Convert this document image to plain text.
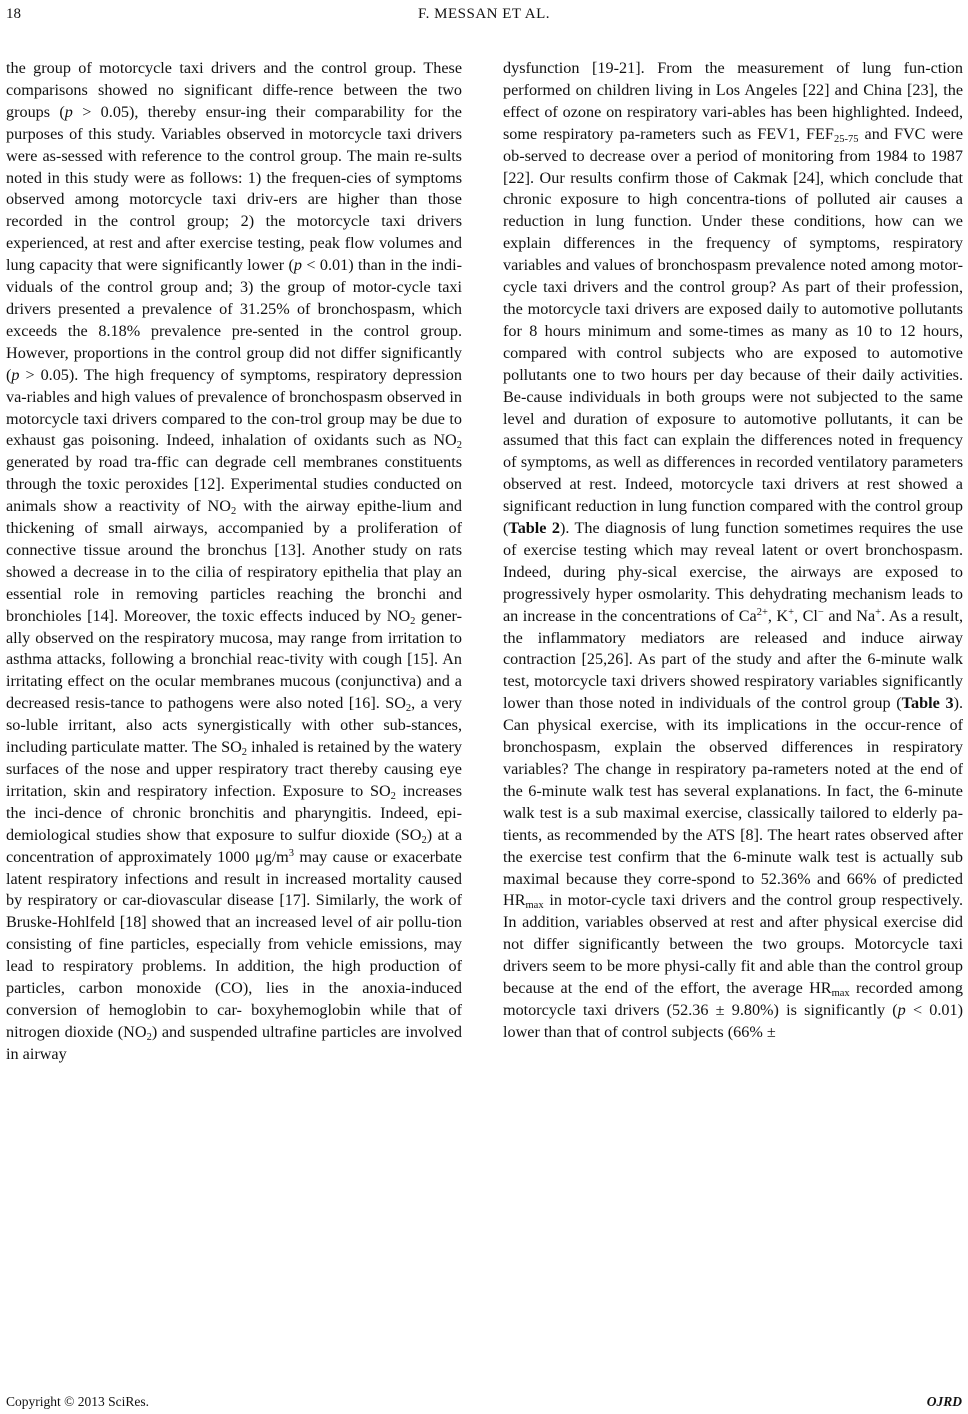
18	F. MESSAN ET AL.

the group of motorcycle taxi drivers and the control group. These comparisons showed no significant diffe-rence between the two groups (p > 0.05), thereby ensur-ing their comparability for the purposes of this study. Variables observed in motorcycle taxi drivers were as-sessed with reference to the control group. The main re-sults noted in this study were as follows: 1) the frequen-cies of symptoms observed among motorcycle taxi driv-ers are higher than those recorded in the control group; 2) the motorcycle taxi drivers experienced, at rest and after exercise testing, peak flow volumes and lung capacity that were significantly lower (p < 0.01) than in the indi-viduals of the control group and; 3) the group of motor-cycle taxi drivers presented a prevalence of 31.25% of bronchospasm, which exceeds the 8.18% prevalence pre-sented in the control group. However, proportions in the control group did not differ significantly (p > 0.05). The high frequency of symptoms, respiratory depression va-riables and high values of prevalence of bronchospasm observed in motorcycle taxi drivers compared to the con-trol group may be due to exhaust gas poisoning. Indeed, inhalation of oxidants such as $NO_2$ generated by road tra-ffic can degrade cell membranes constituents through the toxic peroxides [12]. Experimental studies conducted on animals show a reactivity of $NO_2$ with the airway epithe-lium and thickening of small airways, accompanied by a proliferation of connective tissue around the bronchus [13]. Another study on rats showed a decrease in to the cilia of respiratory epithelia that play an essential role in removing particles reaching the bronchi and bronchioles [14]. Moreover, the toxic effects induced by $NO_2$ gener-ally observed on the respiratory mucosa, may range from irritation to asthma attacks, following a bronchial reac-tivity with cough [15]. An irritating effect on the ocular membranes mucous (conjunctiva) and a decreased resis-tance to pathogens were also noted [16]. $SO_2$, a very so-luble irritant, also acts synergistically with other sub-stances, including particulate matter. The $SO_2$ inhaled is retained by the watery surfaces of the nose and upper respiratory tract thereby causing eye irritation, skin and respiratory infection. Exposure to $SO_2$ increases the inci-dence of chronic bronchitis and pharyngitis. Indeed, epi-demiological studies show that exposure to sulfur dioxide $(SO_2)$ at a concentration of approximately 1000 $\mu g/m^3$ may cause or exacerbate latent respiratory infections and result in increased mortality caused by respiratory or car-diovascular disease [17]. Similarly, the work of Bruske-Hohlfeld [18] showed that an increased level of air pollu-tion consisting of fine particles, especially from vehicle emissions, may lead to respiratory problems. In addition, the high production of particles, carbon monoxide (CO), lies in the anoxia-induced conversion of hemoglobin to car- boxyhemoglobin while that of nitrogen dioxide $(NO_2)$ and suspended ultrafine particles are involved in airway

dysfunction [19-21]. From the measurement of lung fun-ction performed on children living in Los Angeles [22] and China [23], the effect of ozone on respiratory vari-ables has been highlighted. Indeed, some respiratory pa-rameters such as FEV1, $FEF_{25-75}$ and FVC were ob-served to decrease over a period of monitoring from 1984 to 1987 [22]. Our results confirm those of Cakmak [24], which conclude that chronic exposure to high concentra-tions of polluted air causes a reduction in lung function. Under these conditions, how can we explain differences in the frequency of symptoms, respiratory variables and values of bronchospasm prevalence noted among motor-cycle taxi drivers and the control group? As part of their profession, the motorcycle taxi drivers are exposed daily to automotive pollutants for 8 hours minimum and some-times as many as 10 to 12 hours, compared with control subjects who are exposed to automotive pollutants one to two hours per day because of their daily activities. Be-cause individuals in both groups were not subjected to the same level and duration of exposure to automotive pollutants, it can be assumed that this fact can explain the differences noted in frequency of symptoms, as well as differences in recorded ventilatory parameters observed at rest. Indeed, motorcycle taxi drivers at rest showed a significant reduction in lung function compared with the control group (Table 2). The diagnosis of lung function sometimes requires the use of exercise testing which may reveal latent or overt bronchospasm. Indeed, during phy-sical exercise, the airways are exposed to progressively hyper osmolarity. This dehydrating mechanism leads to an increase in the concentrations of $Ca^{2+}$, K+, Cl− and Na+. As a result, the inflammatory mediators are released and induce airway contraction [25,26]. As part of the study and after the 6-minute walk test, motorcycle taxi drivers showed respiratory variables significantly lower than those noted in individuals of the control group (Table 3). Can physical exercise, with its implications in the occur-rence of bronchospasm, explain the observed differences in respiratory variables? The change in respiratory pa-rameters noted at the end of the 6-minute walk test has several explanations. In fact, the 6-minute walk test is a sub maximal exercise, classically tailored to elderly pa-tients, as recommended by the ATS [8]. The heart rates observed after the exercise test confirm that the 6-minute walk test is actually sub maximal because they corre-spond to 52.36% and 66% of predicted $HR_{max}$ in motor-cycle taxi drivers and the control group respectively. In addition, variables observed at rest and after physical exercise did not differ significantly between the two groups. Motorcycle taxi drivers seem to be more physi-cally fit and able than the control group because at the end of the effort, the average $HR_{max}$ recorded among motorcycle taxi drivers (52.36 ± 9.80%) is significantly (p < 0.01) lower than that of control subjects (66% ±

Copyright © 2013 SciRes.	OJRD
